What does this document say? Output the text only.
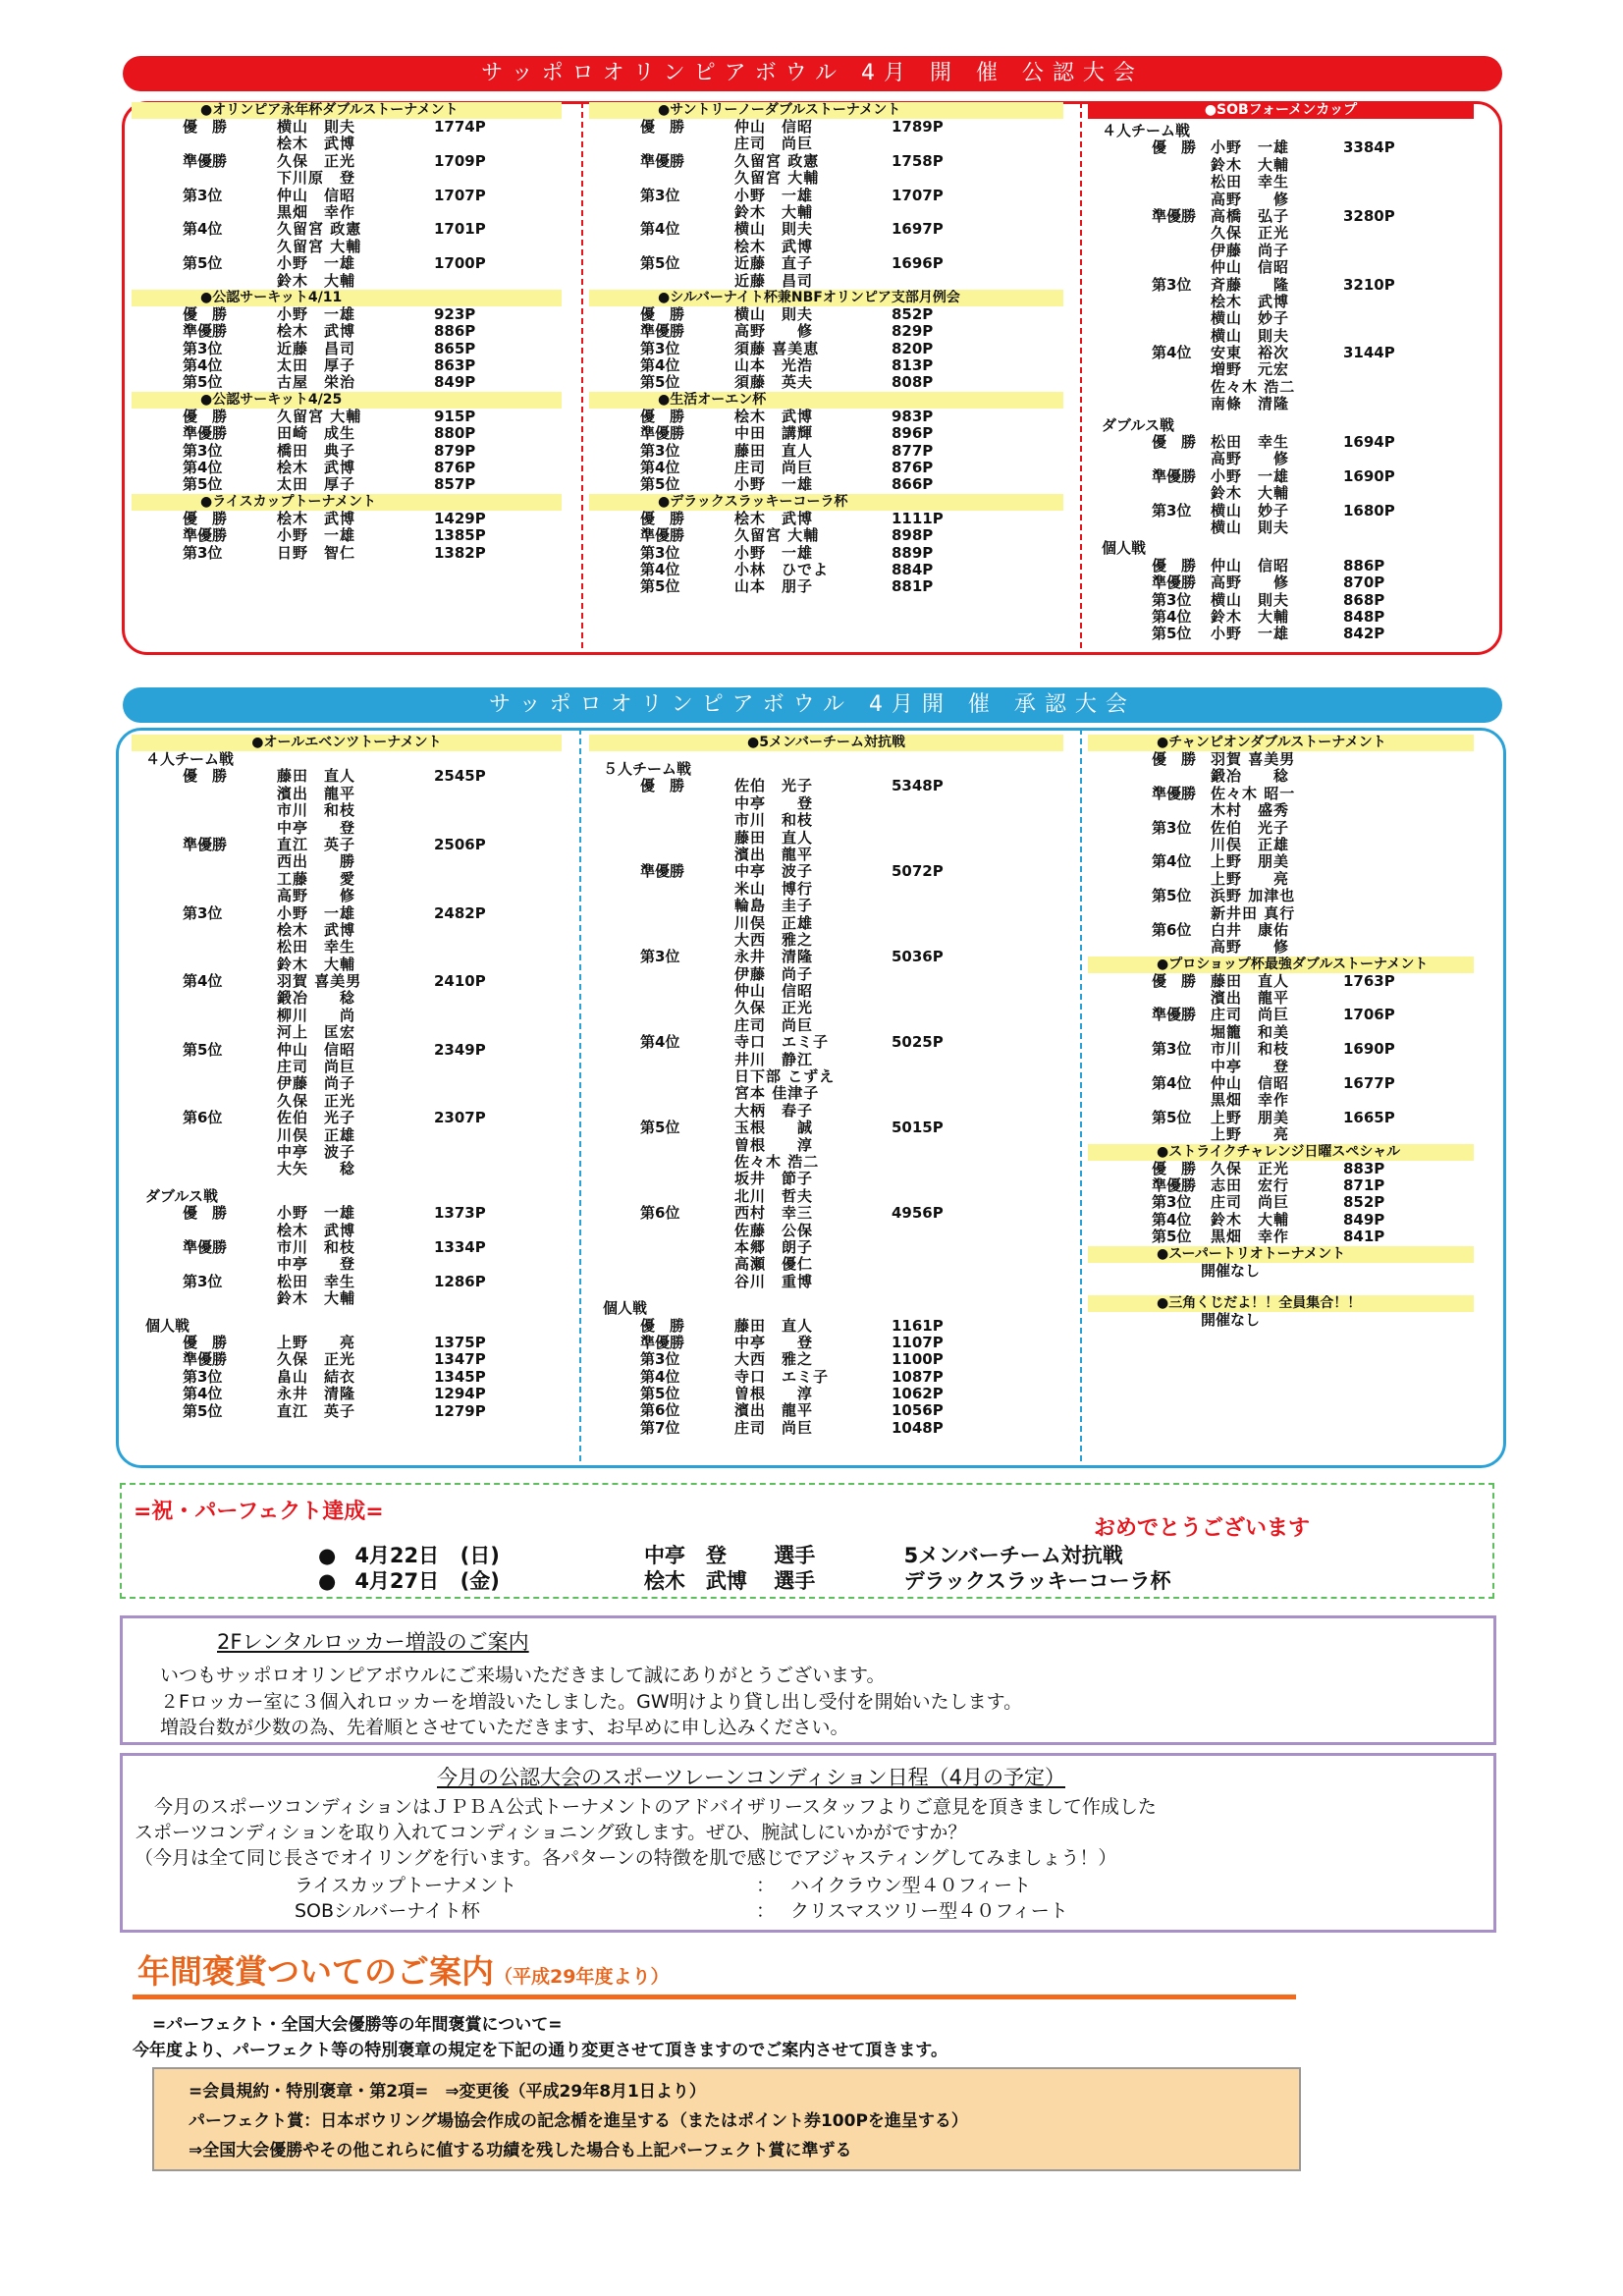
サッポロオリンピアボウル 4月 開 催 公認大会
●オリンピア永年杯ダブルストーナメント
優　勝	横山　則夫	1774P
桧木　武博
準優勝	久保　正光	1709P
下川原　登
第3位	仲山　信昭	1707P
黒畑　幸作
第4位	久留宮 政憲	1701P
久留宮 大輔
第5位	小野　一雄	1700P
鈴木　大輔
●公認サーキット4/11
優　勝	小野　一雄	923P
準優勝	桧木　武博	886P
第3位	近藤　昌司	865P
第4位	太田　厚子	863P
第5位	古屋　栄治	849P
●公認サーキット4/25
優　勝	久留宮 大輔	915P
準優勝	田崎　成生	880P
第3位	橋田　典子	879P
第4位	桧木　武博	876P
第5位	太田　厚子	857P
●ライスカップトーナメント
優　勝	桧木　武博	1429P
準優勝	小野　一雄	1385P
第3位	日野　智仁	1382P
●サントリーノーダブルストーナメント
優　勝	仲山　信昭	1789P
庄司　尚巨
準優勝	久留宮 政憲	1758P
久留宮 大輔
第3位	小野　一雄	1707P
鈴木　大輔
第4位	横山　則夫	1697P
桧木　武博
第5位	近藤　直子	1696P
近藤　昌司
●シルバーナイト杯兼NBFオリンピア支部月例会
優　勝	横山　則夫	852P
準優勝	高野　　修	829P
第3位	須藤 喜美恵	820P
第4位	山本　光浩	813P
第5位	須藤　英夫	808P
●生活オーエン杯
優　勝	桧木　武博	983P
準優勝	中田　講輝	896P
第3位	藤田　直人	877P
第4位	庄司　尚巨	876P
第5位	小野　一雄	866P
●デラックスラッキーコーラ杯
優　勝	桧木　武博	1111P
準優勝	久留宮 大輔	898P
第3位	小野　一雄	889P
第4位	小林　ひでよ	884P
第5位	山本　朋子	881P
●SOBフォーメンカップ
４人チーム戦
優　勝 小野　一雄	3384P
鈴木　大輔
松田　幸生
高野　　修
準優勝 高橋　弘子	3280P
久保　正光
伊藤　尚子
仲山　信昭
第3位	斉藤　　隆	3210P
桧木　武博
横山　妙子
横山　則夫
第4位	安東　裕次	3144P
増野　元宏
佐々木 浩二
南條　清隆
ダブルス戦
優　勝 松田　幸生	1694P
高野　　修
準優勝 小野　一雄	1690P
鈴木　大輔
第3位	横山　妙子	1680P
横山　則夫
個人戦
優　勝 仲山　信昭	886P
準優勝 高野　　修	870P
第3位	横山　則夫	868P
第4位	鈴木　大輔	848P
第5位	小野　一雄	842P
サッポロオリンピアボウル 4月開 催 承認大会
●オールエベンツトーナメント
４人チーム戦
優　勝	藤田　直人	2545P
濱出　龍平
市川　和枝
中亭　　登
準優勝	直江　英子	2506P
西出　　勝
工藤　　愛
高野　　修
第3位	小野　一雄	2482P
桧木　武博
松田　幸生
鈴木　大輔
第4位	羽賀 喜美男	2410P
鍛冶　　稔
柳川　　尚
河上　匡宏
第5位	仲山　信昭	2349P
庄司　尚巨
伊藤　尚子
久保　正光
第6位	佐伯　光子	2307P
川俣　正雄
中亭　波子
大矢　　稔
ダブルス戦
優　勝	小野　一雄	1373P
桧木　武博
準優勝	市川　和枝	1334P
中亭　　登
第3位	松田　幸生	1286P
鈴木　大輔
個人戦
優　勝	上野　　亮	1375P
準優勝	久保　正光	1347P
第3位	畠山　結衣	1345P
第4位	永井　清隆	1294P
第5位	直江　英子	1279P
●5メンバーチーム対抗戦
５人チーム戦
優　勝	佐伯　光子	5348P
中亭　　登
市川　和枝
藤田　直人
濱出　龍平
準優勝	中亭　波子	5072P
米山　博行
輪島　圭子
川俣　正雄
大西　雅之
第3位	永井　清隆	5036P
伊藤　尚子
仲山　信昭
久保　正光
庄司　尚巨
第4位	寺口　エミ子	5025P
井川　静江
日下部 こずえ
宮本 佳津子
大柄　春子
第5位	玉根　　誠	5015P
曽根　　淳
佐々木 浩二
坂井　節子
北川　哲夫
第6位	西村　幸三	4956P
佐藤　公保
本郷　朗子
高瀬　優仁
谷川　重博
個人戦
優　勝	藤田　直人	1161P
準優勝	中亭　　登	1107P
第3位	大西　雅之	1100P
第4位	寺口　エミ子	1087P
第5位	曽根　　淳	1062P
第6位	濱出　龍平	1056P
第7位	庄司　尚巨	1048P
●チャンピオンダブルストーナメント
優　勝 羽賀 喜美男
鍛冶　　稔
準優勝 佐々木 昭一
木村　盛秀
第3位	佐伯　光子
川俣　正雄
第4位	上野　朋美
上野　　亮
第5位	浜野 加津也
新井田 真行
第6位	白井　康佑
高野　　修
●プロショップ杯最強ダブルストーナメント
優　勝 藤田　直人	1763P
濱出　龍平
準優勝 庄司　尚巨	1706P
堀籠　和美
第3位	市川　和枝	1690P
中亭　　登
第4位	仲山　信昭	1677P
黒畑　幸作
第5位	上野　朋美	1665P
上野　　亮
●ストライクチャレンジ日曜スペシャル
優　勝 久保　正光	883P
準優勝 志田　宏行	871P
第3位	庄司　尚巨	852P
第4位	鈴木　大輔	849P
第5位	黒畑　幸作	841P
●スーパートリオトーナメント
開催なし
●三角くじだよ！！全員集合！！
開催なし
=祝・パーフェクト達成=
おめでとうございます
● 4月22日 (日)	中亭　登 選手	5メンバーチーム対抗戦
● 4月27日 (金)	桧木　武博 選手	デラックスラッキーコーラ杯
2Fレンタルロッカー増設のご案内
いつもサッポロオリンピアボウルにご来場いただきまして誠にありがとうございます。
２Fロッカー室に３個入れロッカーを増設いたしました。GW明けより貸し出し受付を開始いたします。
増設台数が少数の為、先着順とさせていただきます、お早めに申し込みください。
今月の公認大会のスポーツレーンコンディション日程（4月の予定）
今月のスポーツコンディションはＪＰＢＡ公式トーナメントのアドバイザリースタッフよりご意見を頂きまして作成した
スポーツコンディションを取り入れてコンディショニング致します。ぜひ、腕試しにいかがですか？
（今月は全て同じ長さでオイリングを行います。各パターンの特徴を肌で感じでアジャスティングしてみましょう！）
ライスカップトーナメント	： ハイクラウン型４０フィート
SOBシルバーナイト杯	： クリスマスツリー型４０フィート
年間褒賞ついてのご案内（平成29年度より）
=パーフェクト・全国大会優勝等の年間褒賞について=
今年度より、パーフェクト等の特別褒章の規定を下記の通り変更させて頂きますのでご案内させて頂きます。
=会員規約・特別褒章・第2項=　⇒変更後（平成29年8月1日より）
パーフェクト賞：日本ボウリング場協会作成の記念楯を進呈する（またはポイント券100Pを進呈する）
⇒全国大会優勝やその他これらに値する功績を残した場合も上記パーフェクト賞に準ずる
